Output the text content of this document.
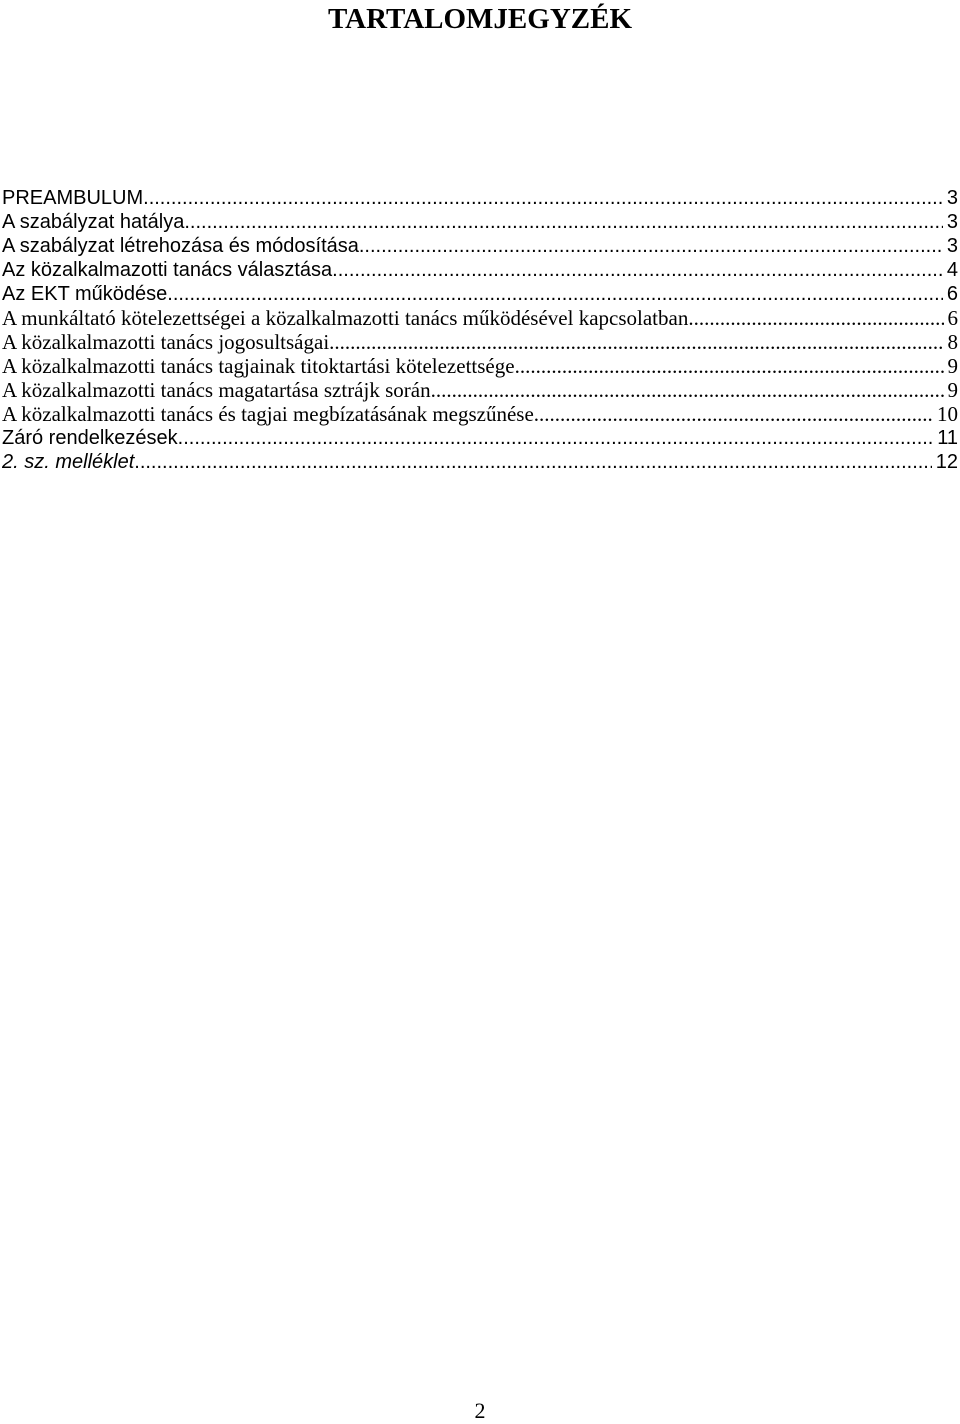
TARTALOMJEGYZÉK
PREAMBULUM .....	3
A szabályzat hatálya .....	3
A szabályzat létrehozása és módosítása .....	3
Az közalkalmazotti tanács választása .....	4
Az EKT működése .....	6
A munkáltató kötelezettségei a közalkalmazotti tanács működésével kapcsolatban .....	6
A közalkalmazotti tanács jogosultságai .....	8
A közalkalmazotti tanács tagjainak titoktartási kötelezettsége .....	9
A közalkalmazotti tanács magatartása sztrájk során .....	9
A közalkalmazotti tanács és tagjai megbízatásának megszűnése .....	10
Záró rendelkezések .....	11
2. sz. melléklet .....	12
2
